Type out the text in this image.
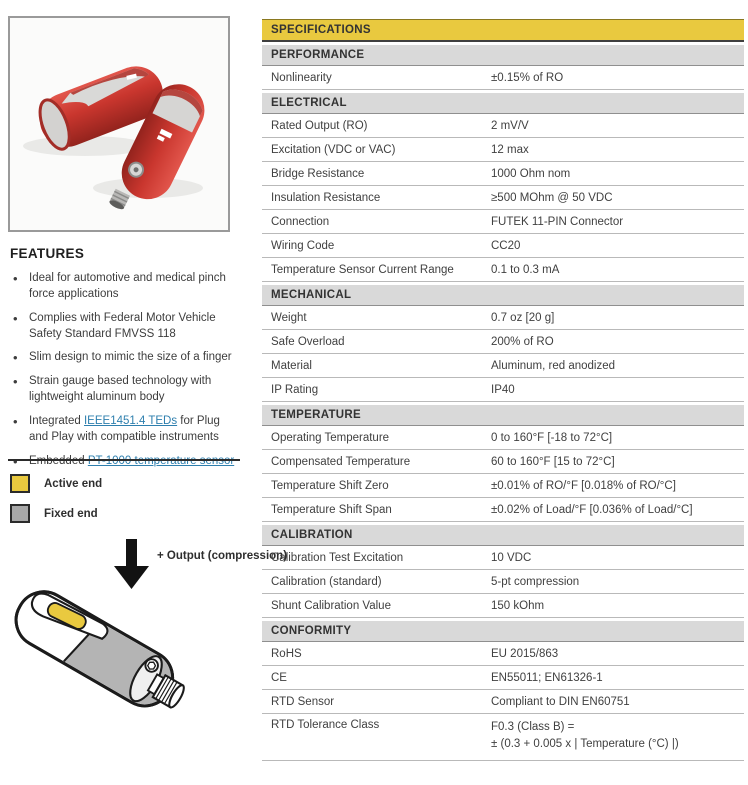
FEATURES
• Ideal for automotive and medical pinch force applications
• Complies with Federal Motor Vehicle Safety Standard FMVSS 118
• Slim design to mimic the size of a finger
• Strain gauge based technology with lightweight aluminum body
• Integrated IEEE1451.4 TEDs for Plug and Play with compatible instruments
• Embedded PT-1000 temperature sensor
Active end
Fixed end
+ Output (compression)
SPECIFICATIONS
PERFORMANCE
Nonlinearity	±0.15% of RO
ELECTRICAL
Rated Output (RO)	2 mV/V
Excitation (VDC or VAC)	12 max
Bridge Resistance	1000 Ohm nom
Insulation Resistance	≥500 MOhm @ 50 VDC
Connection	FUTEK 11-PIN Connector
Wiring Code	CC20
Temperature Sensor Current Range	0.1 to 0.3 mA
MECHANICAL
Weight	0.7 oz [20 g]
Safe Overload	200% of RO
Material	Aluminum, red anodized
IP Rating	IP40
TEMPERATURE
Operating Temperature	0 to 160°F [-18 to 72°C]
Compensated Temperature	60 to 160°F [15 to 72°C]
Temperature Shift Zero	±0.01% of RO/°F [0.018% of RO/°C]
Temperature Shift Span	±0.02% of Load/°F [0.036% of Load/°C]
CALIBRATION
Calibration Test Excitation	10 VDC
Calibration (standard)	5-pt compression
Shunt Calibration Value	150 kOhm
CONFORMITY
RoHS	EU 2015/863
CE	EN55011; EN61326-1
RTD Sensor	Compliant to DIN EN60751
RTD Tolerance Class	F0.3 (Class B) =
± (0.3 + 0.005 x | Temperature (°C) |)
